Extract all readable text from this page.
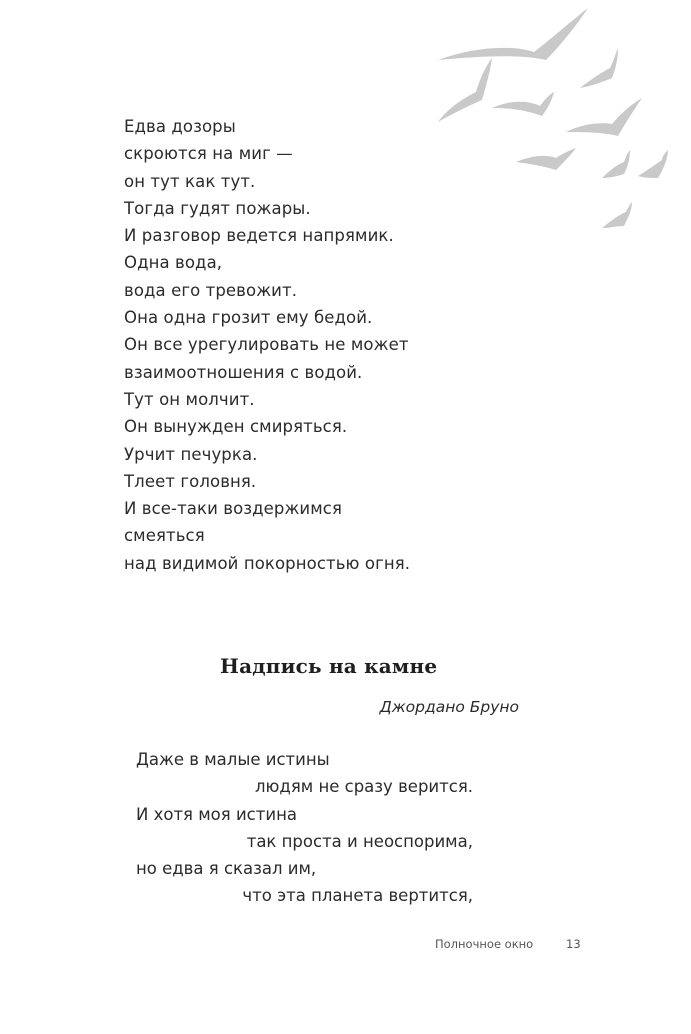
Едва дозоры
скроются на миг —
он тут как тут.
Тогда гудят пожары.
И разговор ведется напрямик.
Одна вода,
вода его тревожит.
Она одна грозит ему бедой.
Он все урегулировать не может
взаимоотношения с водой.
Тут он молчит.
Он вынужден смиряться.
Урчит печурка.
Тлеет головня.
И все-таки воздержимся
смеяться
над видимой покорностью огня.
Надпись на камне
Джордано Бруно
Даже в малые истины
людям не сразу верится.
И хотя моя истина
так проста и неоспорима,
но едва я сказал им,
что эта планета вертится,
Полночное окно	13
